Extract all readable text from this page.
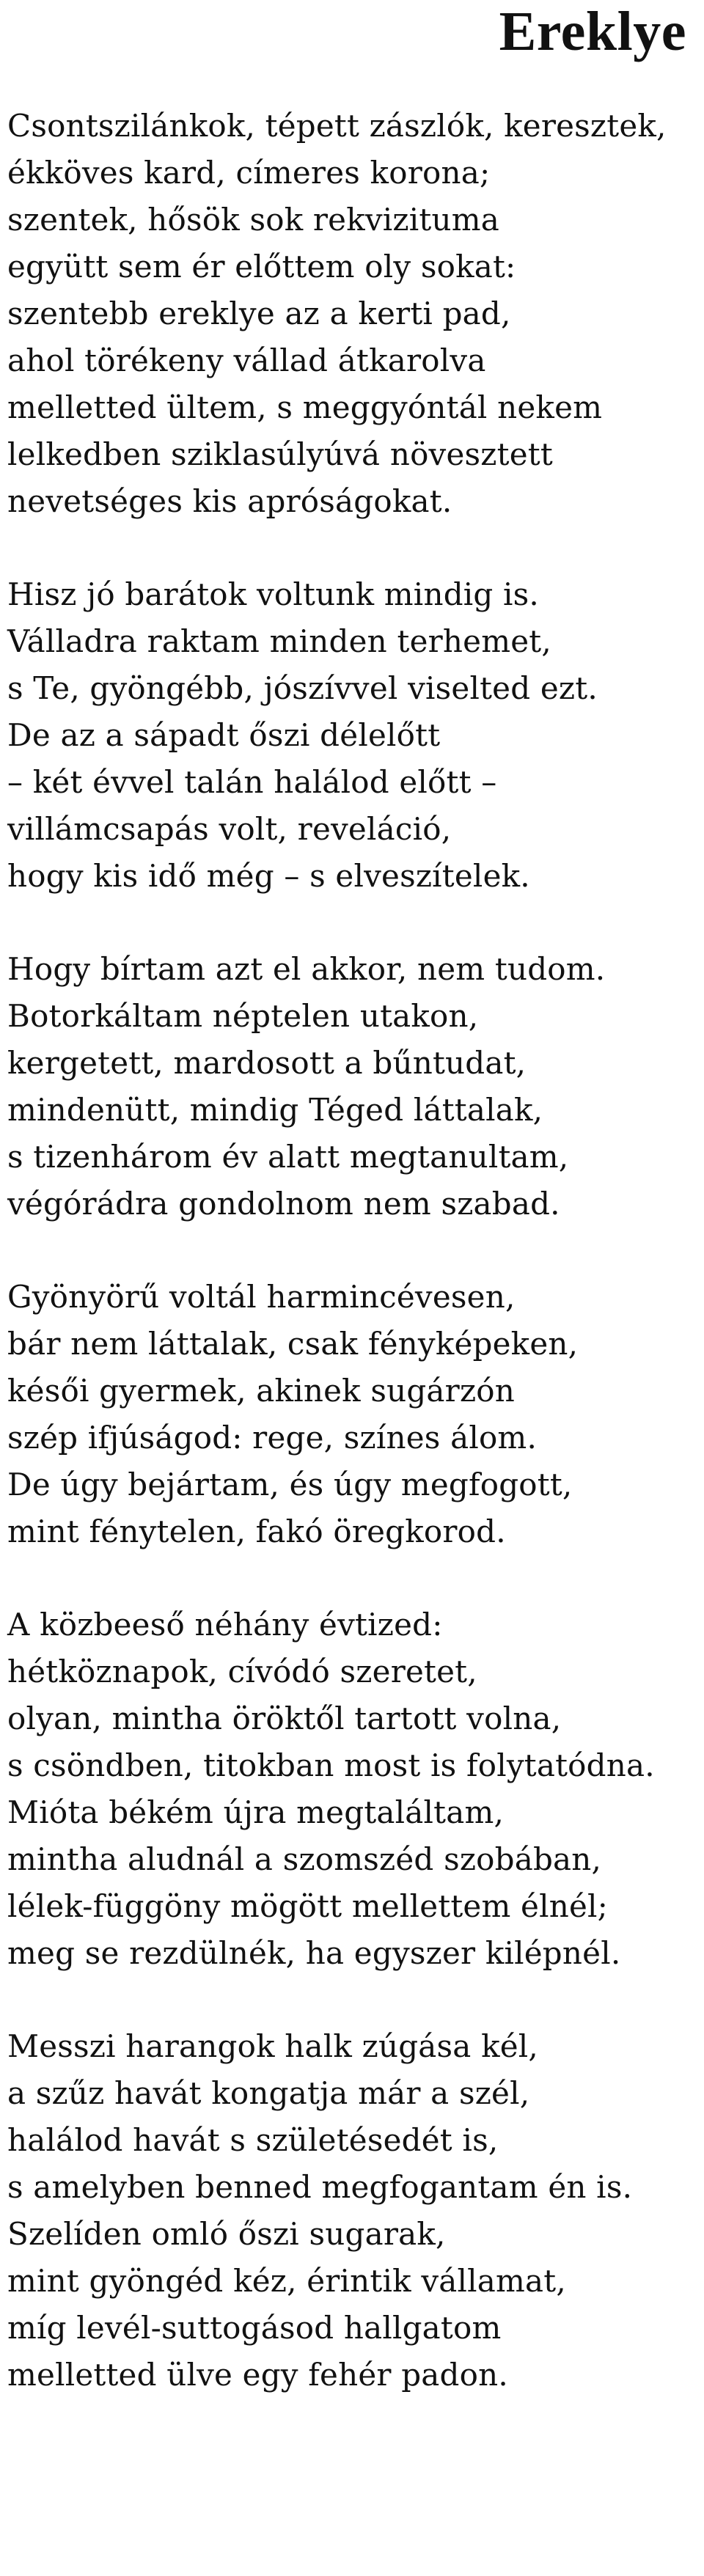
Ereklye
Csontszilánkok, tépett zászlók, keresztek,
ékköves kard, címeres korona;
szentek, hősök sok rekvizituma
együtt sem ér előttem oly sokat:
szentebb ereklye az a kerti pad,
ahol törékeny vállad átkarolva
melletted ültem, s meggyóntál nekem
lelkedben sziklasúlyúvá növesztett
nevetséges kis apróságokat.
Hisz jó barátok voltunk mindig is.
Válladra raktam minden terhemet,
s Te, gyöngébb, jószívvel viselted ezt.
De az a sápadt őszi délelőtt
– két évvel talán halálod előtt –
villámcsapás volt, reveláció,
hogy kis idő még – s elveszítelek.
Hogy bírtam azt el akkor, nem tudom.
Botorkáltam néptelen utakon,
kergetett, mardosott a bűntudat,
mindenütt, mindig Téged láttalak,
s tizenhárom év alatt megtanultam,
végórádra gondolnom nem szabad.
Gyönyörű voltál harmincévesen,
bár nem láttalak, csak fényképeken,
késői gyermek, akinek sugárzón
szép ifjúságod: rege, színes álom.
De úgy bejártam, és úgy megfogott,
mint fénytelen, fakó öregkorod.
A közbeeső néhány évtized:
hétköznapok, cívódó szeretet,
olyan, mintha öröktől tartott volna,
s csöndben, titokban most is folytatódna.
Mióta békém újra megtaláltam,
mintha aludnál a szomszéd szobában,
lélek-függöny mögött mellettem élnél;
meg se rezdülnék, ha egyszer kilépnél.
Messzi harangok halk zúgása kél,
a szűz havát kongatja már a szél,
halálod havát s születésedét is,
s amelyben benned megfogantam én is.
Szelíden omló őszi sugarak,
mint gyöngéd kéz, érintik vállamat,
míg levél-suttogásod hallgatom
melletted ülve egy fehér padon.
